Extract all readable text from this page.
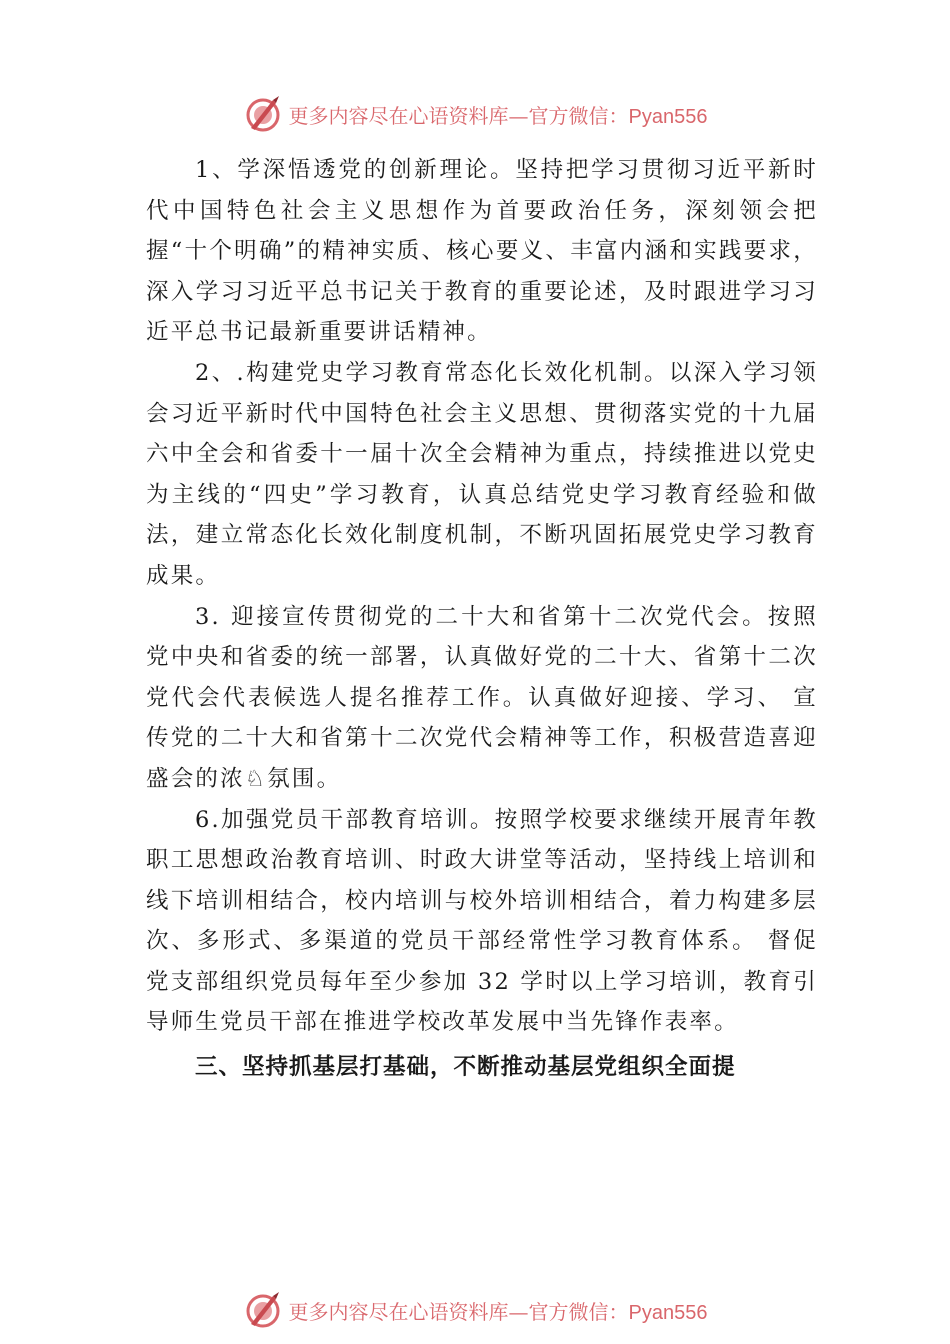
更多内容尽在心语资料库—官方微信：Pyan556

1、学深悟透党的创新理论。坚持把学习贯彻习近平新时代中国特色社会主义思想作为首要政治任务，深刻领会把握“十个明确”的精神实质、核心要义、丰富内涵和实践要求，深入学习习近平总书记关于教育的重要论述，及时跟进学习习近平总书记最新重要讲话精神。

2、.构建党史学习教育常态化长效化机制。以深入学习领会习近平新时代中国特色社会主义思想、贯彻落实党的十九届六中全会和省委十一届十次全会精神为重点，持续推进以党史为主线的“四史”学习教育，认真总结党史学习教育经验和做法，建立常态化长效化制度机制，不断巩固拓展党史学习教育成果。

3. 迎接宣传贯彻党的二十大和省第十二次党代会。按照党中央和省委的统一部署，认真做好党的二十大、省第十二次党代会代表候选人提名推荐工作。认真做好迎接、学习、 宣传党的二十大和省第十二次党代会精神等工作，积极营造喜迎盛会的浓♘氛围。

6.加强党员干部教育培训。按照学校要求继续开展青年教职工思想政治教育培训、时政大讲堂等活动，坚持线上培训和线下培训相结合，校内培训与校外培训相结合，着力构建多层次、多形式、多渠道的党员干部经常性学习教育体系。 督促党支部组织党员每年至少参加 32 学时以上学习培训，教育引导师生党员干部在推进学校改革发展中当先锋作表率。

三、坚持抓基层打基础，不断推动基层党组织全面提

更多内容尽在心语资料库—官方微信：Pyan556
